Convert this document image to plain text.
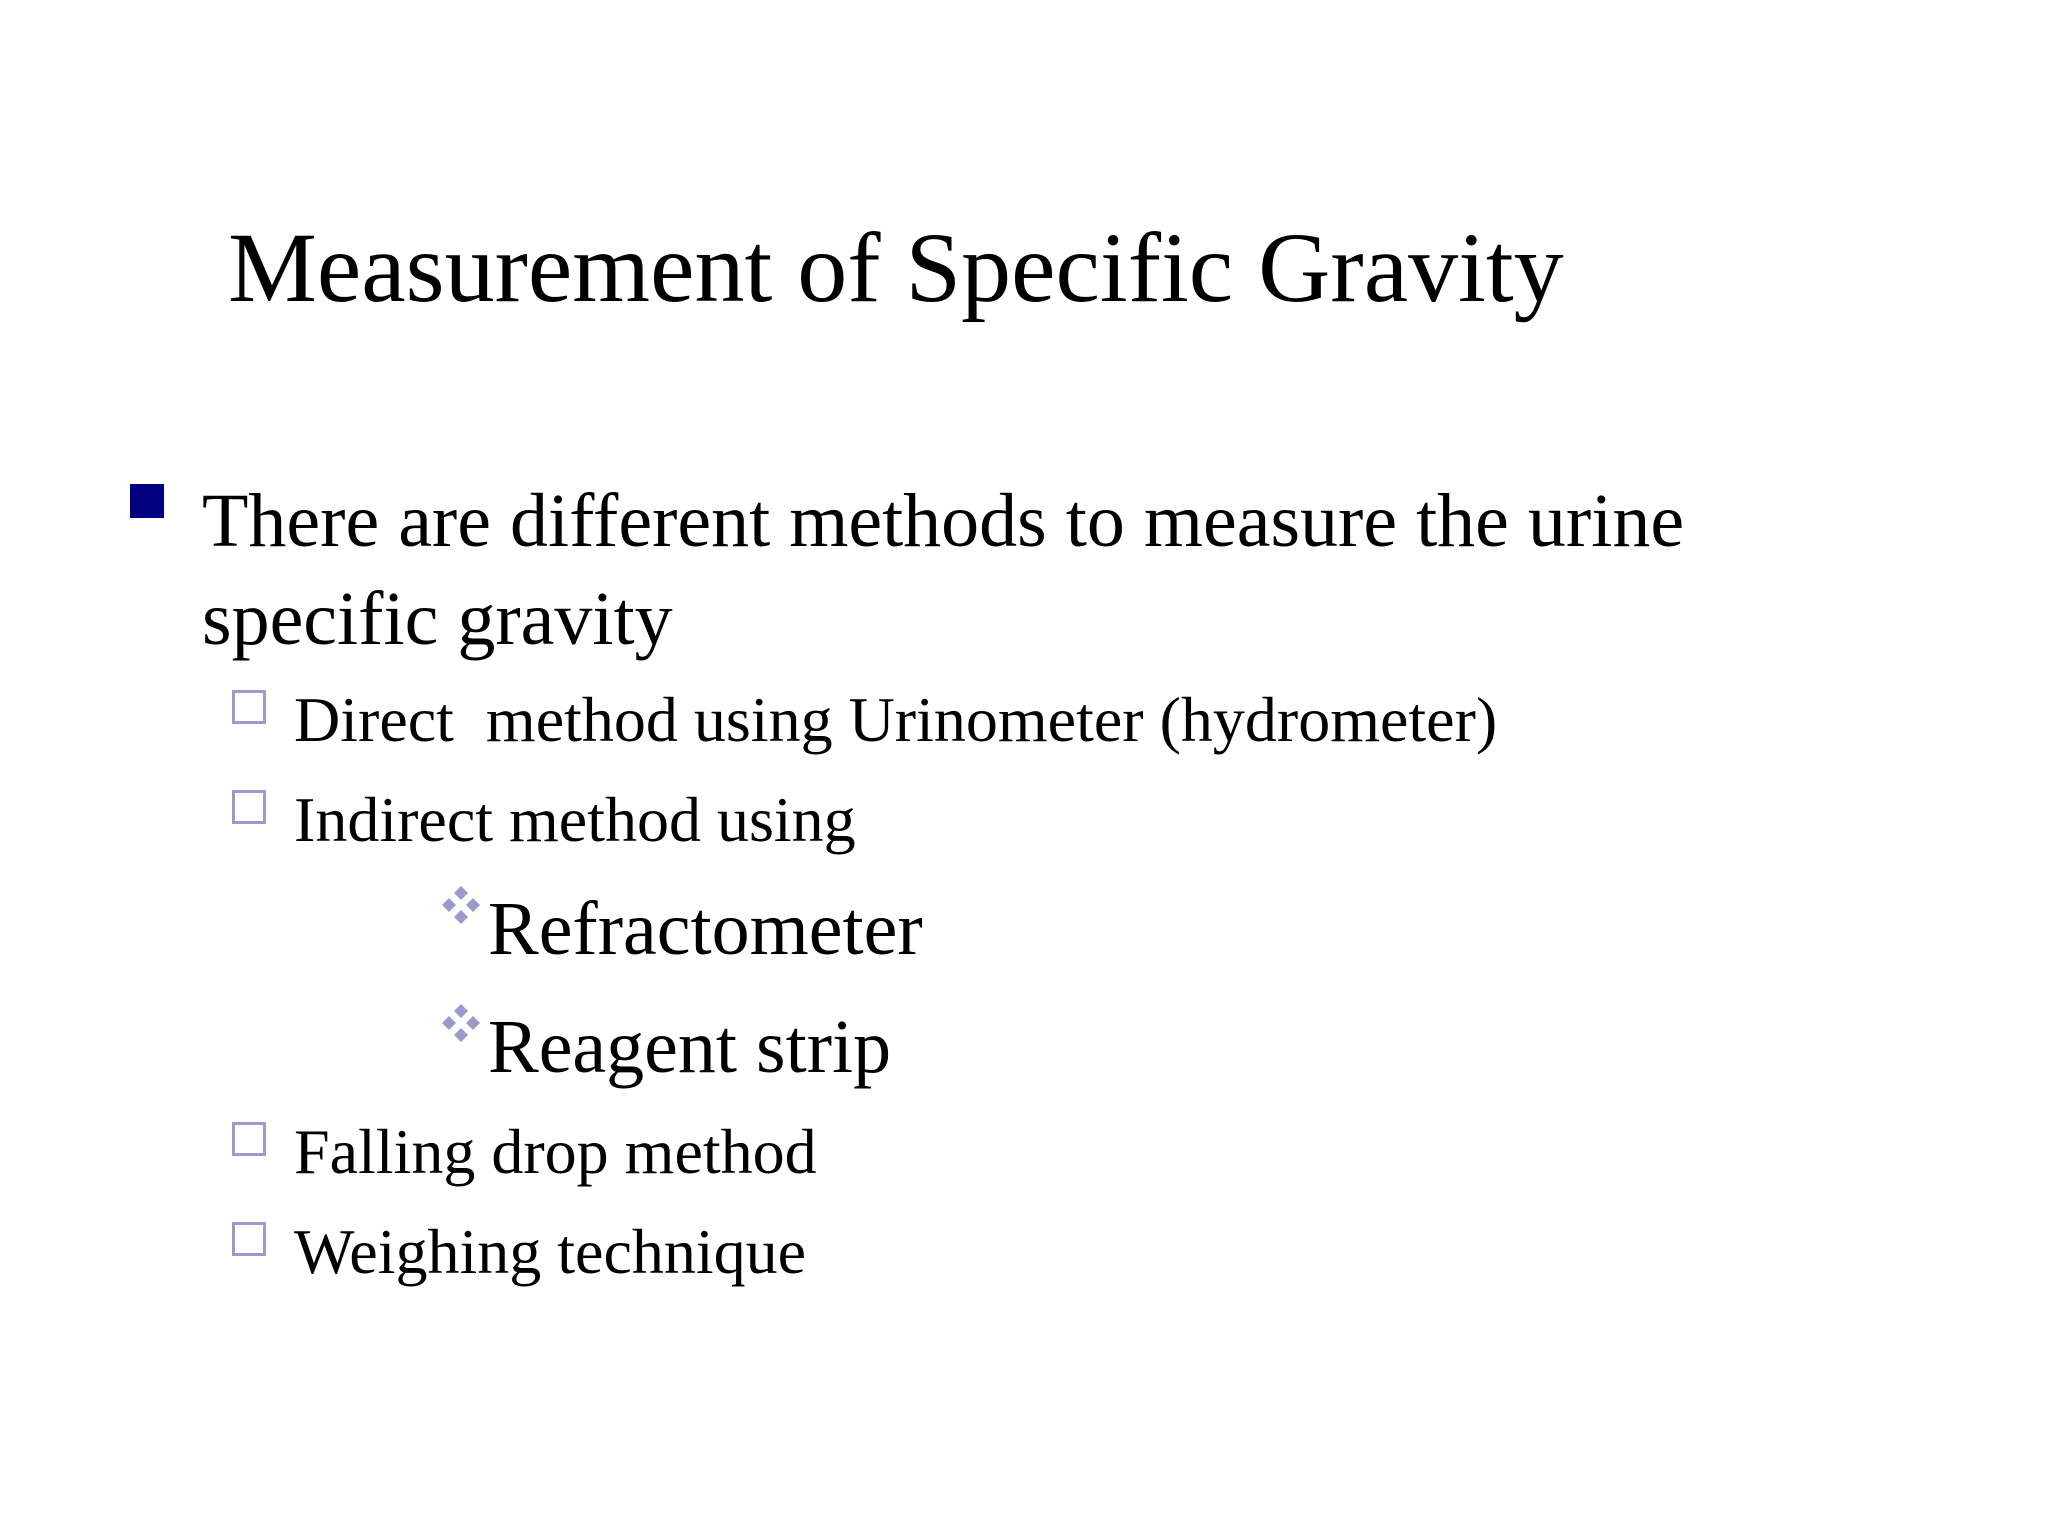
Measurement of Specific Gravity
There are different methods to measure the urine specific gravity
Direct  method using Urinometer (hydrometer)
Indirect method using
Refractometer
Reagent strip
Falling drop method
Weighing technique
